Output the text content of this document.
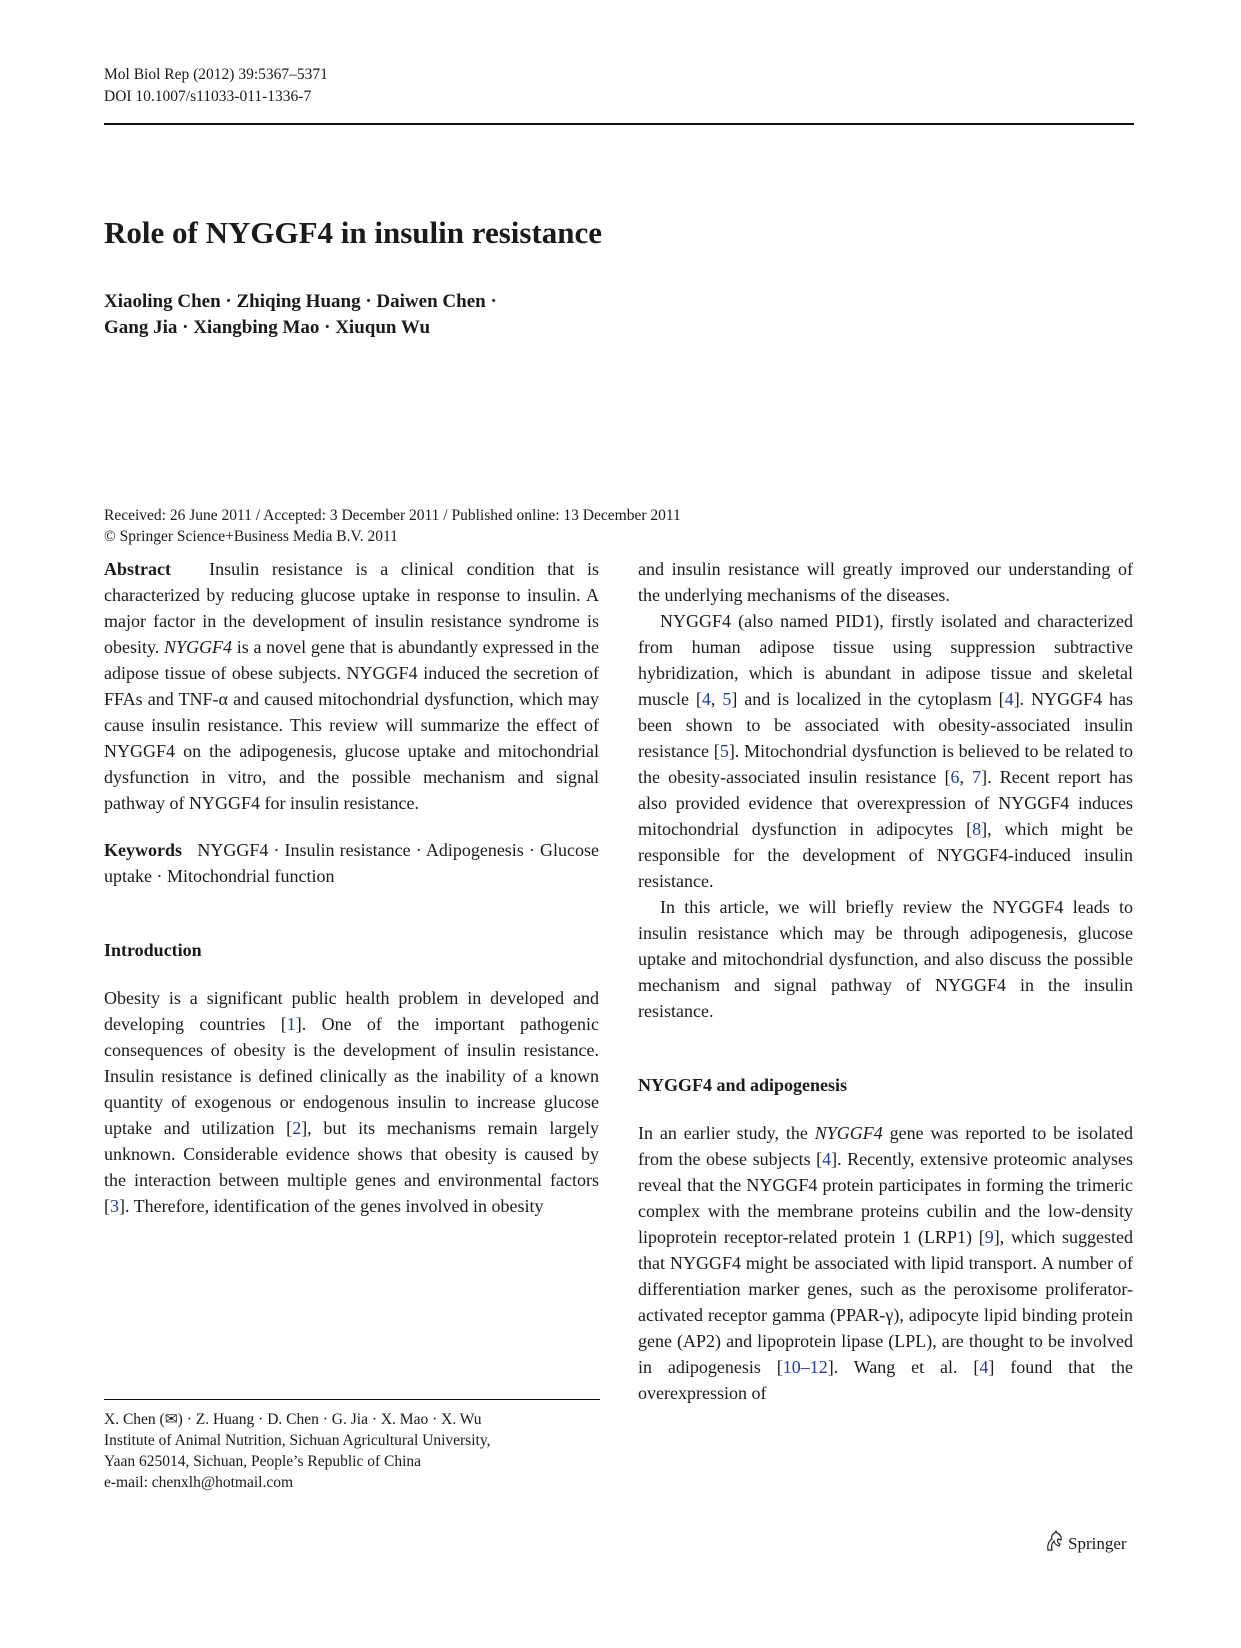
Mol Biol Rep (2012) 39:5367–5371
DOI 10.1007/s11033-011-1336-7
Role of NYGGF4 in insulin resistance
Xiaoling Chen · Zhiqing Huang · Daiwen Chen ·
Gang Jia · Xiangbing Mao · Xiuqun Wu
Received: 26 June 2011 / Accepted: 3 December 2011 / Published online: 13 December 2011
© Springer Science+Business Media B.V. 2011

Abstract Insulin resistance is a clinical condition that is characterized by reducing glucose uptake in response to insulin. A major factor in the development of insulin resistance syndrome is obesity. NYGGF4 is a novel gene that is abundantly expressed in the adipose tissue of obese subjects. NYGGF4 induced the secretion of FFAs and TNF-α and caused mitochondrial dysfunction, which may cause insulin resistance. This review will summarize the effect of NYGGF4 on the adipogenesis, glucose uptake and mitochondrial dysfunction in vitro, and the possible mechanism and signal pathway of NYGGF4 for insulin resistance.

Keywords NYGGF4 · Insulin resistance · Adipogenesis · Glucose uptake · Mitochondrial function

Introduction

Obesity is a significant public health problem in developed and developing countries [1]. One of the important pathogenic consequences of obesity is the development of insulin resistance. Insulin resistance is defined clinically as the inability of a known quantity of exogenous or endogenous insulin to increase glucose uptake and utilization [2], but its mechanisms remain largely unknown. Considerable evidence shows that obesity is caused by the interaction between multiple genes and environmental factors [3]. Therefore, identification of the genes involved in obesity

and insulin resistance will greatly improved our understanding of the underlying mechanisms of the diseases.

NYGGF4 (also named PID1), firstly isolated and characterized from human adipose tissue using suppression subtractive hybridization, which is abundant in adipose tissue and skeletal muscle [4, 5] and is localized in the cytoplasm [4]. NYGGF4 has been shown to be associated with obesity-associated insulin resistance [5]. Mitochondrial dysfunction is believed to be related to the obesity-associated insulin resistance [6, 7]. Recent report has also provided evidence that overexpression of NYGGF4 induces mitochondrial dysfunction in adipocytes [8], which might be responsible for the development of NYGGF4-induced insulin resistance.

In this article, we will briefly review the NYGGF4 leads to insulin resistance which may be through adipogenesis, glucose uptake and mitochondrial dysfunction, and also discuss the possible mechanism and signal pathway of NYGGF4 in the insulin resistance.

NYGGF4 and adipogenesis

In an earlier study, the NYGGF4 gene was reported to be isolated from the obese subjects [4]. Recently, extensive proteomic analyses reveal that the NYGGF4 protein participates in forming the trimeric complex with the membrane proteins cubilin and the low-density lipoprotein receptor-related protein 1 (LRP1) [9], which suggested that NYGGF4 might be associated with lipid transport. A number of differentiation marker genes, such as the peroxisome proliferator-activated receptor gamma (PPAR-γ), adipocyte lipid binding protein gene (AP2) and lipoprotein lipase (LPL), are thought to be involved in adipogenesis [10–12]. Wang et al. [4] found that the overexpression of

X. Chen (✉) · Z. Huang · D. Chen · G. Jia · X. Mao · X. Wu
Institute of Animal Nutrition, Sichuan Agricultural University,
Yaan 625014, Sichuan, People’s Republic of China
e-mail: chenxlh@hotmail.com
Springer
